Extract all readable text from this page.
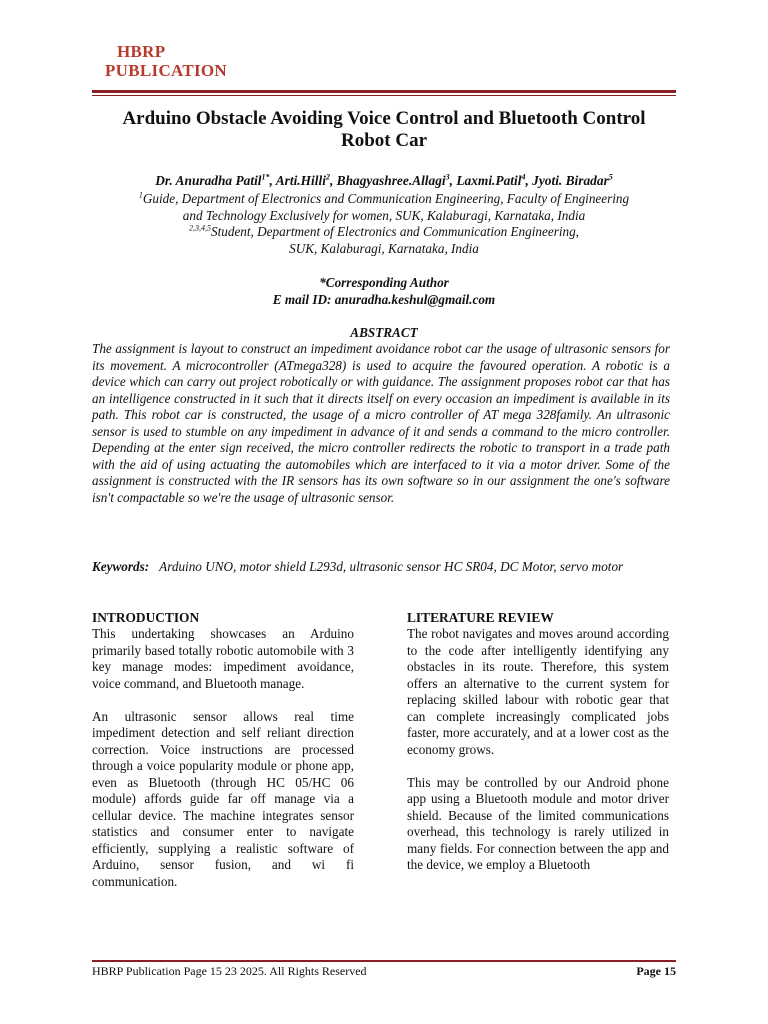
HBRP
PUBLICATION
Arduino Obstacle Avoiding Voice Control and Bluetooth Control
Robot Car
Dr. Anuradha Patil$^{1*}$, Arti.Hilli$^2$, Bhagyashree.Allagi$^3$, Laxmi.Patil$^4$, Jyoti. Biradar$^5$
$^1$Guide, Department of Electronics and Communication Engineering, Faculty of Engineering
and Technology Exclusively for women, SUK, Kalaburagi, Karnataka, India
$^{2,3,4,5}$Student, Department of Electronics and Communication Engineering,
SUK, Kalaburagi, Karnataka, India
*Corresponding Author
E mail ID: anuradha.keshul@gmail.com
ABSTRACT
The assignment is layout to construct an impediment avoidance robot car the usage of ultrasonic sensors for its movement. A microcontroller (ATmega328) is used to acquire the favoured operation. A robotic is a device which can carry out project robotically or with guidance. The assignment proposes robot car that has an intelligence constructed in it such that it directs itself on every occasion an impediment is available in its path. This robot car is constructed, the usage of a micro controller of AT mega 328family. An ultrasonic sensor is used to stumble on any impediment in advance of it and sends a command to the micro controller. Depending at the enter sign received, the micro controller redirects the robotic to transport in a trade path with the aid of using actuating the automobiles which are interfaced to it via a motor driver. Some of the assignment is constructed with the IR sensors has its own software so in our assignment the one's software isn't compactable so we're the usage of ultrasonic sensor.
Keywords: Arduino UNO, motor shield L293d, ultrasonic sensor HC SR04, DC Motor, servo motor
INTRODUCTION

This undertaking showcases an Arduino primarily based totally robotic automobile with 3 key manage modes: impediment avoidance, voice command, and Bluetooth manage.

An ultrasonic sensor allows real time impediment detection and self reliant direction correction. Voice instructions are processed through a voice popularity module or phone app, even as Bluetooth (through HC 05/HC 06 module) affords guide far off manage via a cellular device. The machine integrates sensor statistics and consumer enter to navigate efficiently, supplying a realistic software of Arduino, sensor fusion, and wi fi communication.

LITERATURE REVIEW

The robot navigates and moves around according to the code after intelligently identifying any obstacles in its route. Therefore, this system offers an alternative to the current system for replacing skilled labour with robotic gear that can complete increasingly complicated jobs faster, more accurately, and at a lower cost as the economy grows.

This may be controlled by our Android phone app using a Bluetooth module and motor driver shield. Because of the limited communications overhead, this technology is rarely utilized in many fields. For connection between the app and the device, we employ a Bluetooth

HBRP Publication Page 15 23 2025. All Rights Reserved	Page 15
